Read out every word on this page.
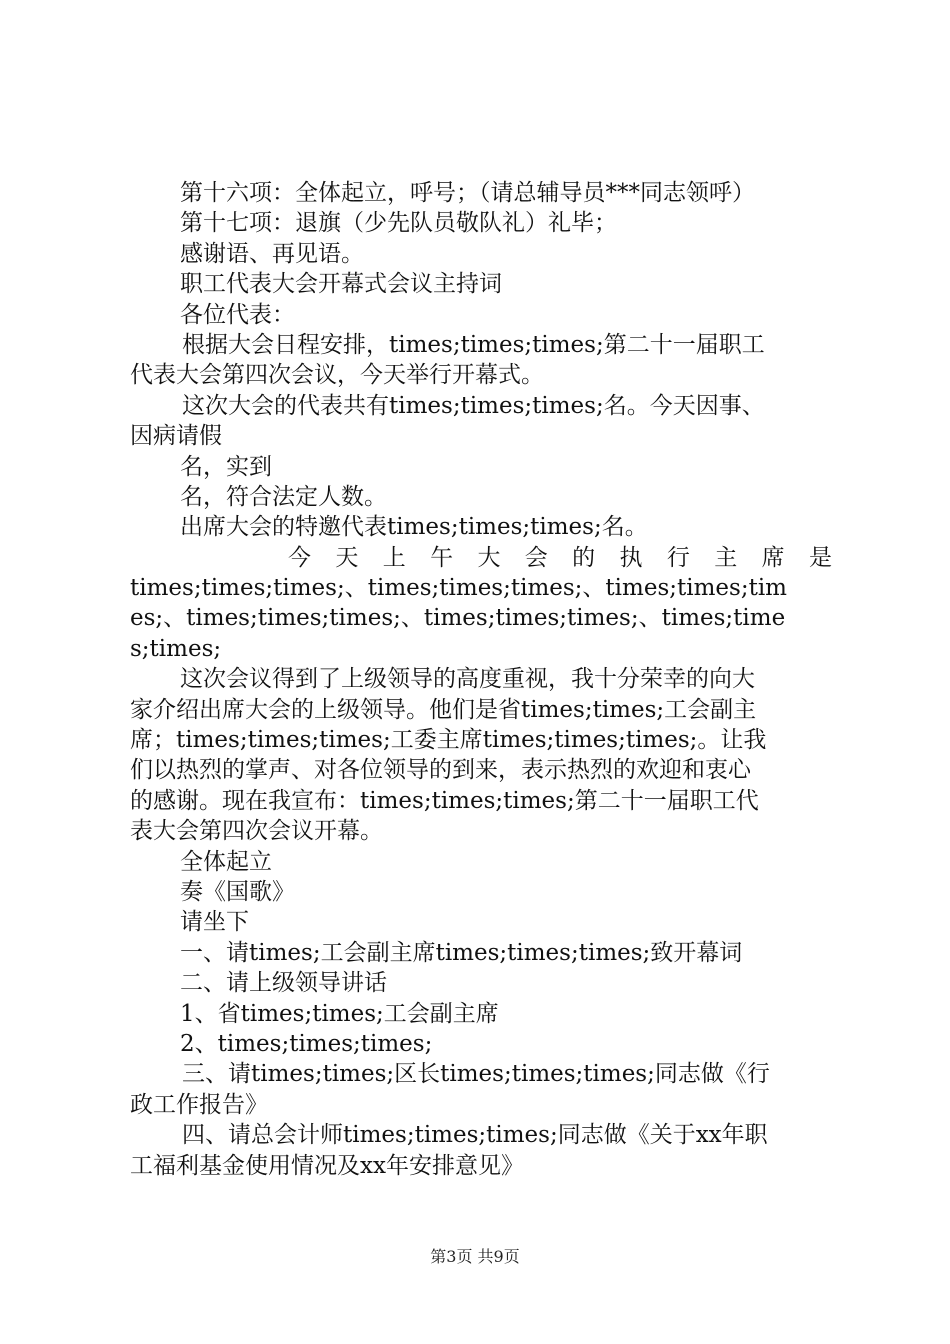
第十六项：全体起立，呼号；（请总辅导员***同志领呼）
第十七项：退旗（少先队员敬队礼）礼毕；
感谢语、再见语。
职工代表大会开幕式会议主持词
各位代表：
根据大会日程安排，times;times;times;第二十一届职工
代表大会第四次会议，今天举行开幕式。
这次大会的代表共有times;times;times;名。今天因事、
因病请假
名，实到
名，符合法定人数。
出席大会的特邀代表times;times;times;名。
今 天 上 午 大 会 的 执 行 主 席 是
times;times;times;、times;times;times;、times;times;tim
es;、times;times;times;、times;times;times;、times;time
s;times;
这次会议得到了上级领导的高度重视，我十分荣幸的向大
家介绍出席大会的上级领导。他们是省times;times;工会副主
席；times;times;times;工委主席times;times;times;。让我
们以热烈的掌声、对各位领导的到来，表示热烈的欢迎和衷心
的感谢。现在我宣布：times;times;times;第二十一届职工代
表大会第四次会议开幕。
全体起立
奏《国歌》
请坐下
一、请times;工会副主席times;times;times;致开幕词
二、请上级领导讲话
1、省times;times;工会副主席
2、times;times;times;
三、请times;times;区长times;times;times;同志做《行
政工作报告》
四、请总会计师times;times;times;同志做《关于xx年职
工福利基金使用情况及xx年安排意见》
第3页 共9页
